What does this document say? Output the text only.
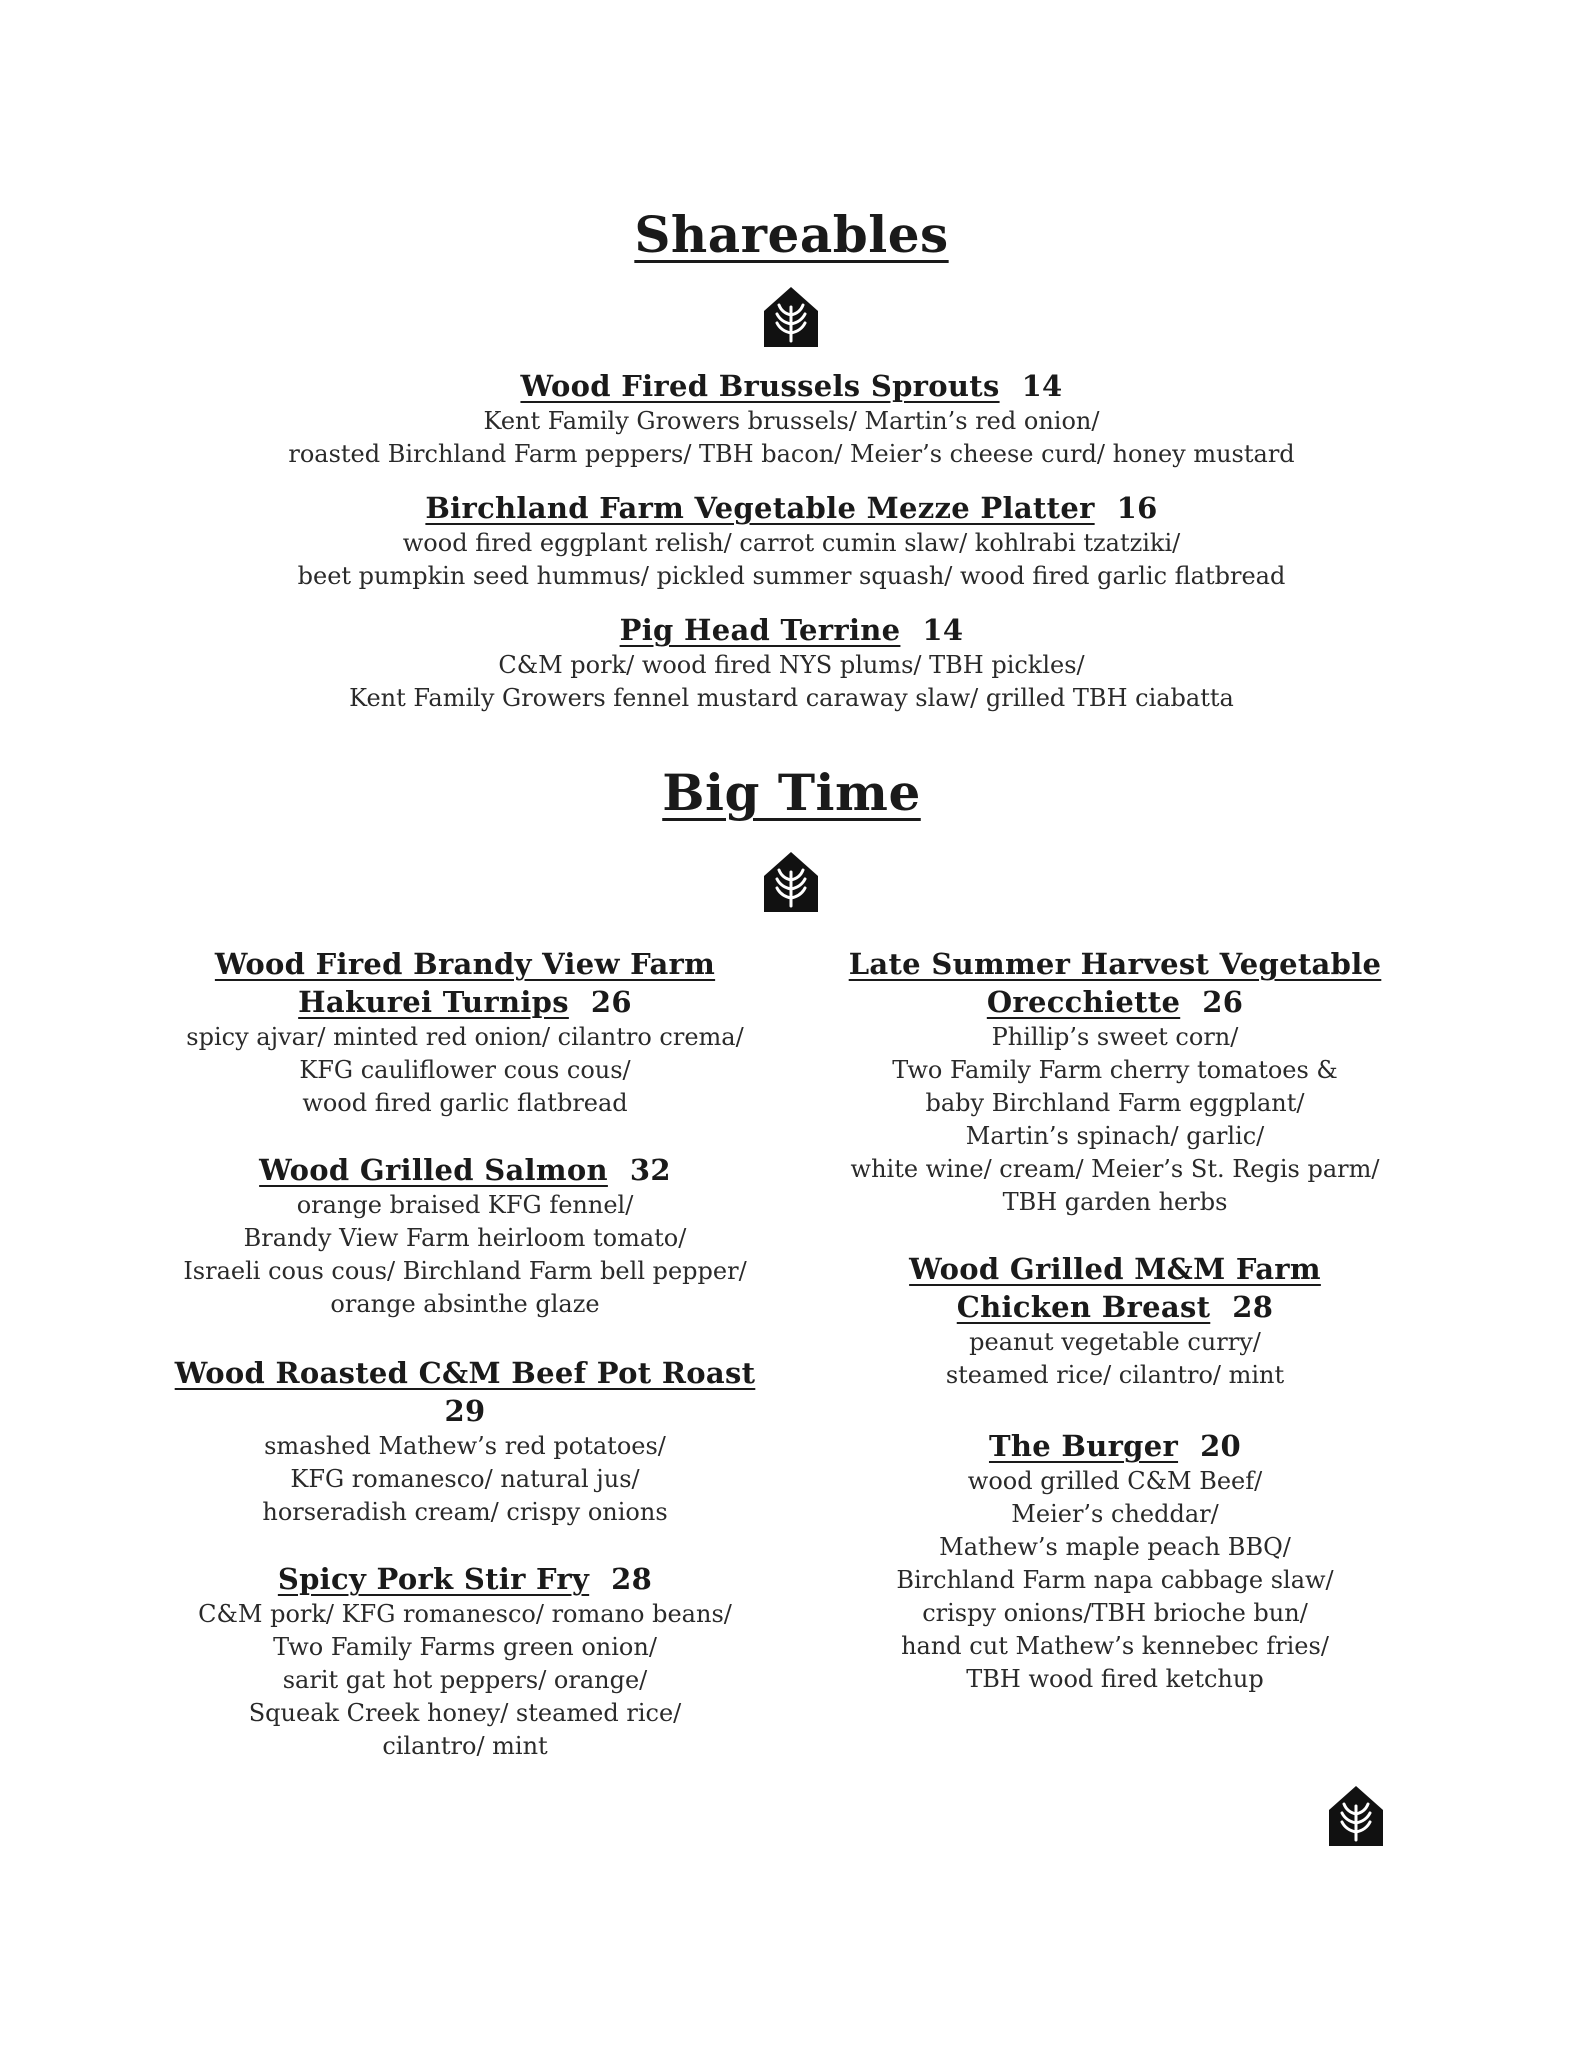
Shareables
Wood Fired Brussels Sprouts 14
Kent Family Growers brussels/ Martin’s red onion/
roasted Birchland Farm peppers/ TBH bacon/ Meier’s cheese curd/ honey mustard
Birchland Farm Vegetable Mezze Platter 16
wood fired eggplant relish/ carrot cumin slaw/ kohlrabi tzatziki/
beet pumpkin seed hummus/ pickled summer squash/ wood fired garlic flatbread
Pig Head Terrine 14
C&M pork/ wood fired NYS plums/ TBH pickles/
Kent Family Growers fennel mustard caraway slaw/ grilled TBH ciabatta
Big Time
Wood Fired Brandy View Farm
Hakurei Turnips 26
spicy ajvar/ minted red onion/ cilantro crema/
KFG cauliflower cous cous/
wood fired garlic flatbread
Wood Grilled Salmon 32
orange braised KFG fennel/
Brandy View Farm heirloom tomato/
Israeli cous cous/ Birchland Farm bell pepper/
orange absinthe glaze
Wood Roasted C&M Beef Pot Roast
29
smashed Mathew’s red potatoes/
KFG romanesco/ natural jus/
horseradish cream/ crispy onions
Spicy Pork Stir Fry 28
C&M pork/ KFG romanesco/ romano beans/
Two Family Farms green onion/
sarit gat hot peppers/ orange/
Squeak Creek honey/ steamed rice/
cilantro/ mint
Late Summer Harvest Vegetable
Orecchiette 26
Phillip’s sweet corn/
Two Family Farm cherry tomatoes &
baby Birchland Farm eggplant/
Martin’s spinach/ garlic/
white wine/ cream/ Meier’s St. Regis parm/
TBH garden herbs
Wood Grilled M&M Farm
Chicken Breast 28
peanut vegetable curry/
steamed rice/ cilantro/ mint
The Burger 20
wood grilled C&M Beef/
Meier’s cheddar/
Mathew’s maple peach BBQ/
Birchland Farm napa cabbage slaw/
crispy onions/TBH brioche bun/
hand cut Mathew’s kennebec fries/
TBH wood fired ketchup
